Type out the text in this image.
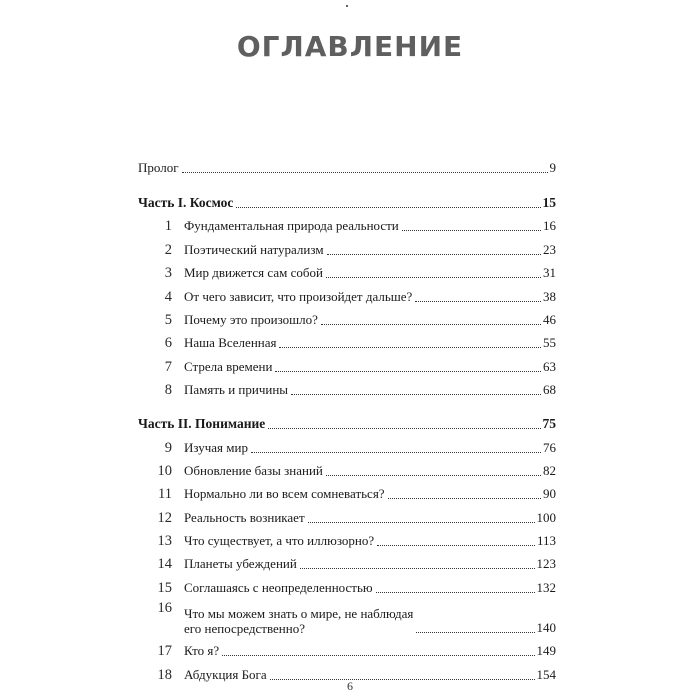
ОГЛАВЛЕНИЕ
Пролог	9
Часть I. Космос	15
1 Фундаментальная природа реальности	16
2 Поэтический натурализм	23
3 Мир движется сам собой	31
4 От чего зависит, что произойдет дальше?	38
5 Почему это произошло?	46
6 Наша Вселенная	55
7 Стрела времени	63
8 Память и причины	68
Часть II. Понимание	75
9 Изучая мир	76
10 Обновление базы знаний	82
11 Нормально ли во всем сомневаться?	90
12 Реальность возникает	100
13 Что существует, а что иллюзорно?	113
14 Планеты убеждений	123
15 Соглашаясь с неопределенностью	132
16 Что мы можем знать о мире, не наблюдая
его непосредственно?	140
17 Кто я?	149
18 Абдукция Бога	154
6
